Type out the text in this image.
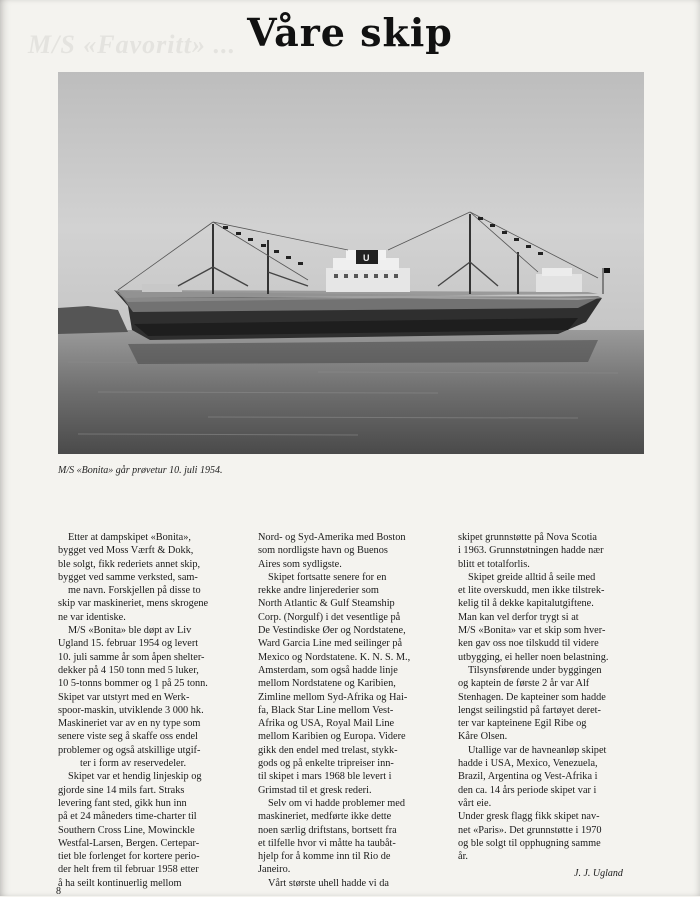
M/S «Favoritt» ... Våre skip
U
M/S «Bonita» går prøvetur 10. juli 1954.
Etter at dampskipet «Bonita»,
bygget ved Moss Værft & Dokk,
ble solgt, fikk rederiets annet skip,
bygget ved samme verksted, sam-
me navn. Forskjellen på disse to
skip var maskineriet, mens skrogene
ne var identiske.
M/S «Bonita» ble døpt av Liv
Ugland 15. februar 1954 og levert
10. juli samme år som åpen shelter-
dekker på 4 150 tonn med 5 luker,
10 5-tonns bommer og 1 på 25 tonn.
Skipet var utstyrt med en Werk-
spoor-maskin, utviklende 3 000 hk.
Maskineriet var av en ny type som
senere viste seg å skaffe oss endel
problemer og også atskillige utgif-
ter i form av reservedeler.
Skipet var et hendig linjeskip og
gjorde sine 14 mils fart. Straks
levering fant sted, gikk hun inn
på et 24 måneders time-charter til
Southern Cross Line, Mowinckle
Westfal-Larsen, Bergen. Certepar-
tiet ble forlenget for kortere perio-
der helt frem til februar 1958 etter
å ha seilt kontinuerlig mellom
Nord- og Syd-Amerika med Boston
som nordligste havn og Buenos
Aires som sydligste.
Skipet fortsatte senere for en
rekke andre linjerederier som
North Atlantic & Gulf Steamship
Corp. (Norgulf) i det vesentlige på
De Vestindiske Øer og Nordstatene,
Ward Garcia Line med seilinger på
Mexico og Nordstatene. K. N. S. M.,
Amsterdam, som også hadde linje
mellom Nordstatene og Karibien,
Zimline mellom Syd-Afrika og Hai-
fa, Black Star Line mellom Vest-
Afrika og USA, Royal Mail Line
mellom Karibien og Europa. Videre
gikk den endel med trelast, stykk-
gods og på enkelte tripreiser inn-
til skipet i mars 1968 ble levert i
Grimstad til et gresk rederi.
Selv om vi hadde problemer med
maskineriet, medførte ikke dette
noen særlig driftstans, bortsett fra
et tilfelle hvor vi måtte ha taubåt-
hjelp for å komme inn til Rio de
Janeiro.
Vårt største uhell hadde vi da
skipet grunnstøtte på Nova Scotia
i 1963. Grunnstøtningen hadde nær
blitt et totalforlis.
Skipet greide alltid å seile med
et lite overskudd, men ikke tilstrek-
kelig til å dekke kapitalutgiftene.
Man kan vel derfor trygt si at
M/S «Bonita» var et skip som hver-
ken gav oss noe tilskudd til videre
utbygging, ei heller noen belastning.
Tilsynsførende under byggingen
og kaptein de første 2 år var Alf
Stenhagen. De kapteiner som hadde
lengst seilingstid på fartøyet deret-
ter var kapteinene Egil Ribe og
Kåre Olsen.
Utallige var de havneanløp skipet
hadde i USA, Mexico, Venezuela,
Brazil, Argentina og Vest-Afrika i
den ca. 14 års periode skipet var i
vårt eie.
Under gresk flagg fikk skipet nav-
net «Paris». Det grunnstøtte i 1970
og ble solgt til opphugning samme
år.
J. J. Ugland
8
